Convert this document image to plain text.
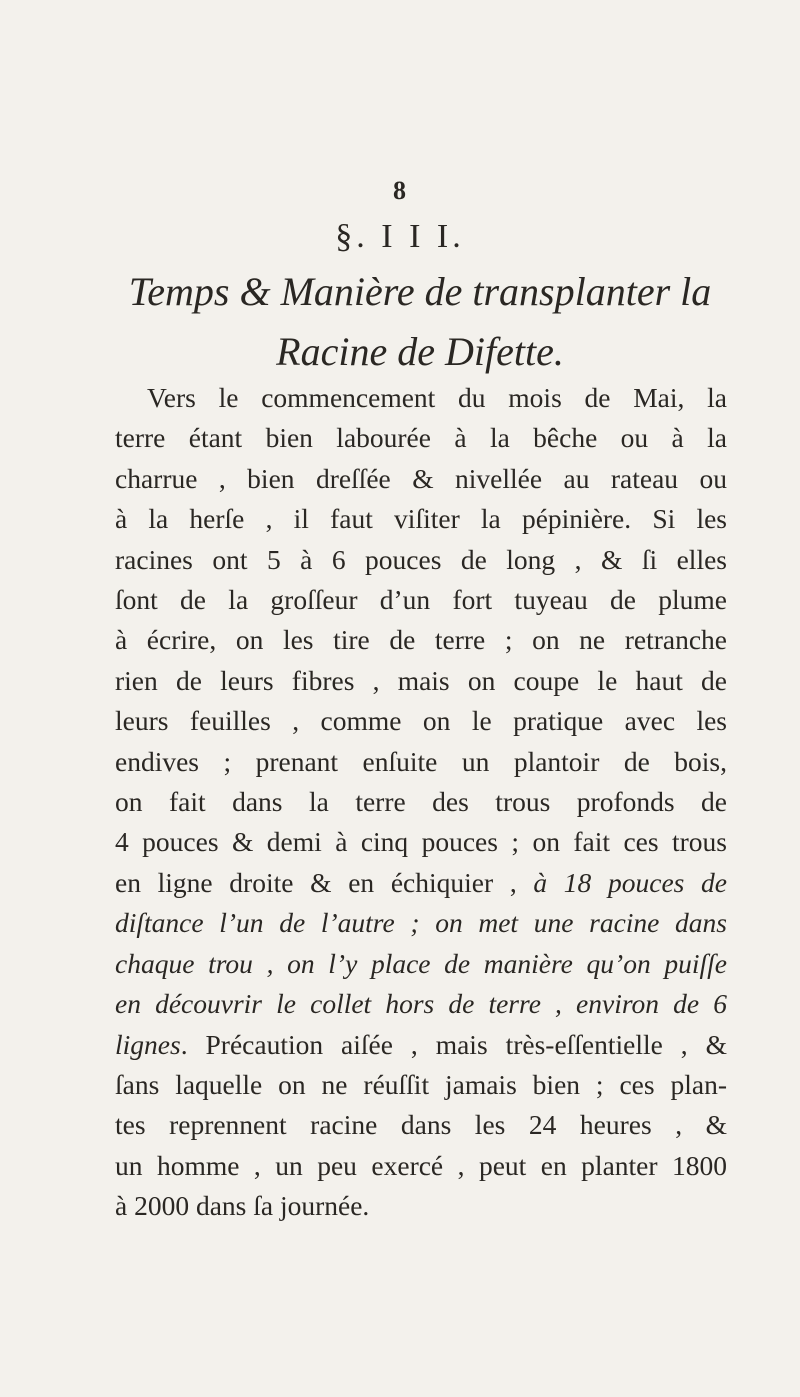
8
§. I I I.
Temps & Manière de transplanter la
Racine de Difette.
Vers le commencement du mois de Mai, la
terre étant bien labourée à la bêche ou à la
charrue , bien dreſſée & nivellée au rateau ou
à la herſe , il faut viſiter la pépinière. Si les
racines ont 5 à 6 pouces de long , & ſi elles
ſont de la groſſeur d’un fort tuyeau de plume
à écrire, on les tire de terre ; on ne retranche
rien de leurs fibres , mais on coupe le haut de
leurs feuilles , comme on le pratique avec les
endives ; prenant enſuite un plantoir de bois,
on fait dans la terre des trous profonds de
4 pouces & demi à cinq pouces ; on fait ces trous
en ligne droite & en échiquier , à 18 pouces de
diſtance l’un de l’autre ; on met une racine dans
chaque trou , on l’y place de manière qu’on puiſſe
en découvrir le collet hors de terre , environ de 6
lignes. Précaution aiſée , mais très-eſſentielle , &
ſans laquelle on ne réuſſit jamais bien ; ces plan-
tes reprennent racine dans les 24 heures , &
un homme , un peu exercé , peut en planter 1800
à 2000 dans ſa journée.
